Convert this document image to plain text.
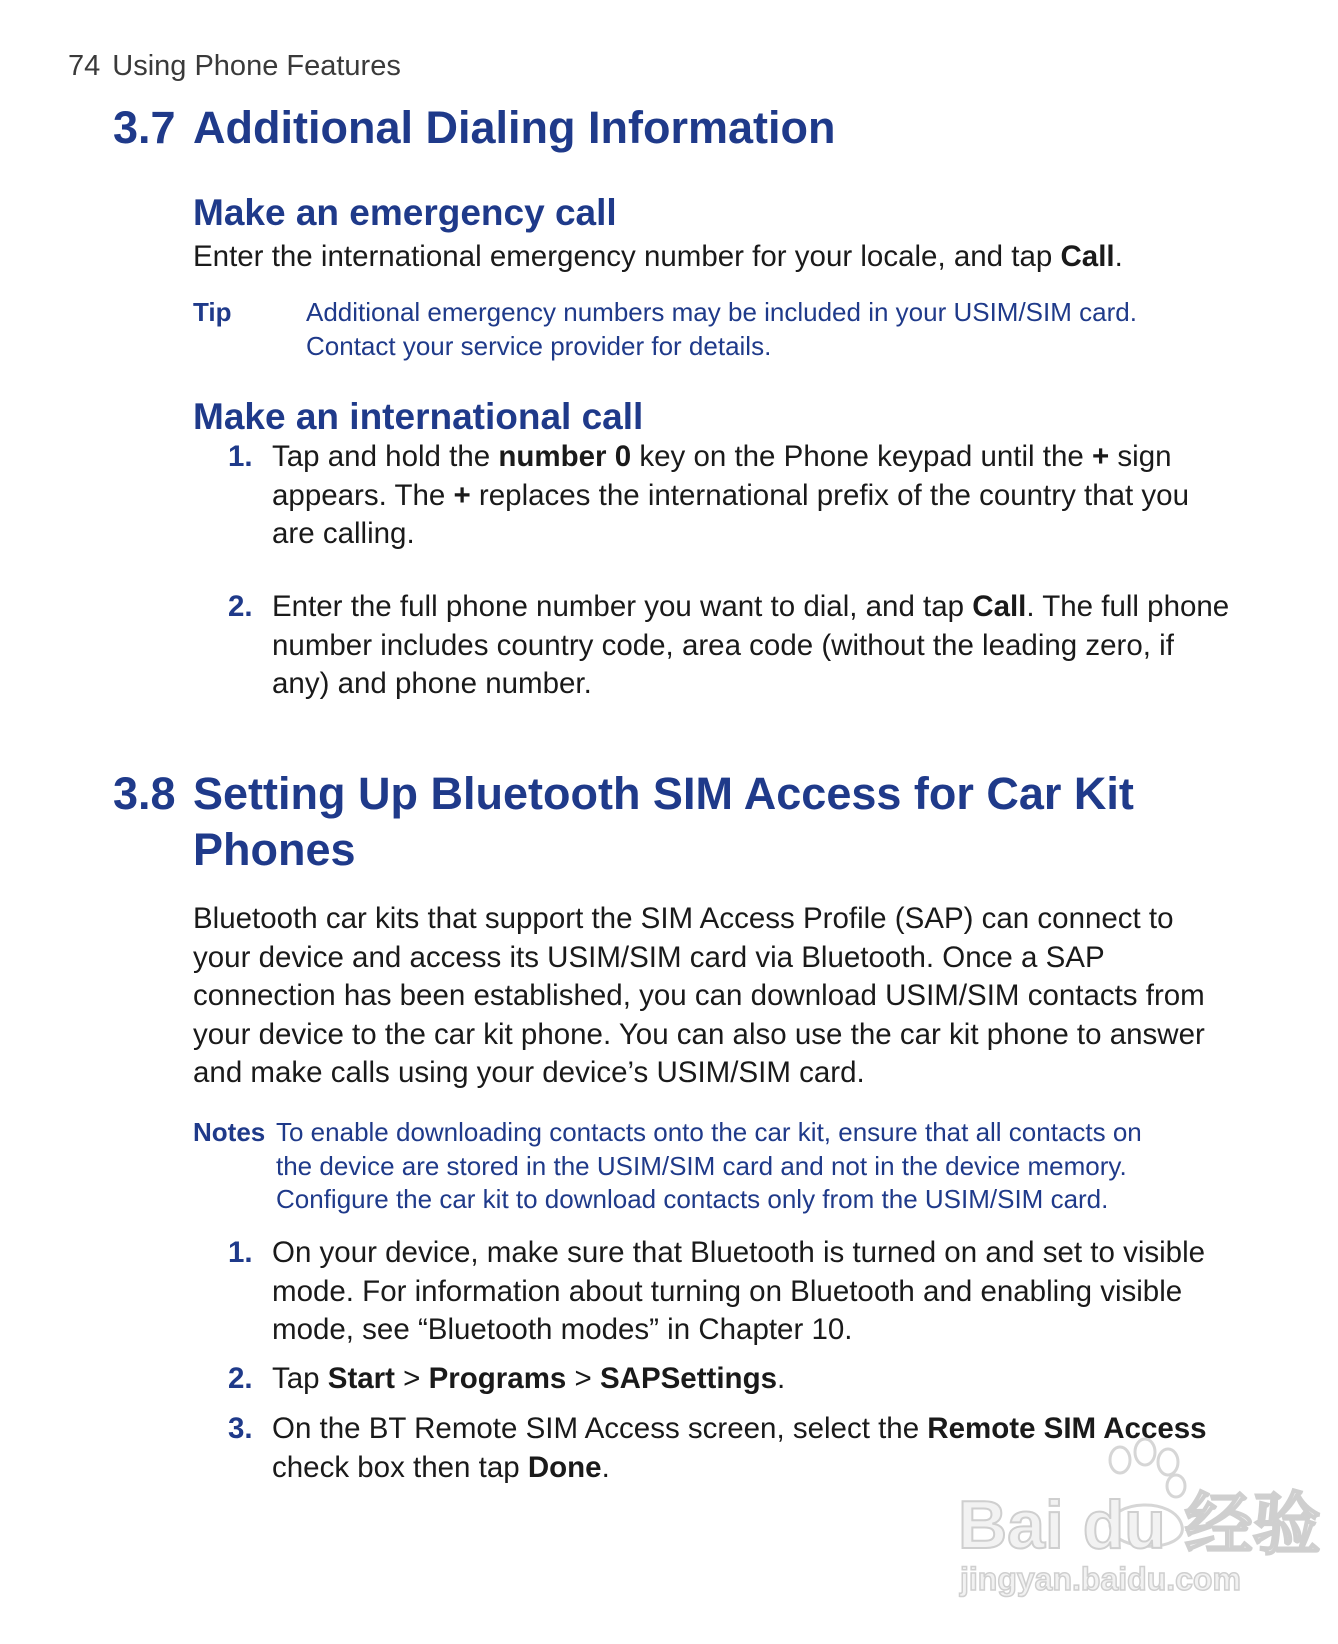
74 Using Phone Features
3.7 Additional Dialing Information
Make an emergency call
Enter the international emergency number for your locale, and tap Call.
Tip	Additional emergency numbers may be included in your USIM/SIM card.
Contact your service provider for details.
Make an international call
1. Tap and hold the number 0 key on the Phone keypad until the + sign appears. The + replaces the international prefix of the country that you are calling.
2. Enter the full phone number you want to dial, and tap Call. The full phone number includes country code, area code (without the leading zero, if any) and phone number.
3.8 Setting Up Bluetooth SIM Access for Car Kit Phones
Bluetooth car kits that support the SIM Access Profile (SAP) can connect to your device and access its USIM/SIM card via Bluetooth. Once a SAP connection has been established, you can download USIM/SIM contacts from your device to the car kit phone. You can also use the car kit phone to answer and make calls using your device’s USIM/SIM card.
Notes To enable downloading contacts onto the car kit, ensure that all contacts on
the device are stored in the USIM/SIM card and not in the device memory.
Configure the car kit to download contacts only from the USIM/SIM card.
1. On your device, make sure that Bluetooth is turned on and set to visible mode. For information about turning on Bluetooth and enabling visible mode, see “Bluetooth modes” in Chapter 10.
2. Tap Start > Programs > SAPSettings.
3. On the BT Remote SIM Access screen, select the Remote SIM Access check box then tap Done.
Bai du 经验
jingyan.baidu.com
